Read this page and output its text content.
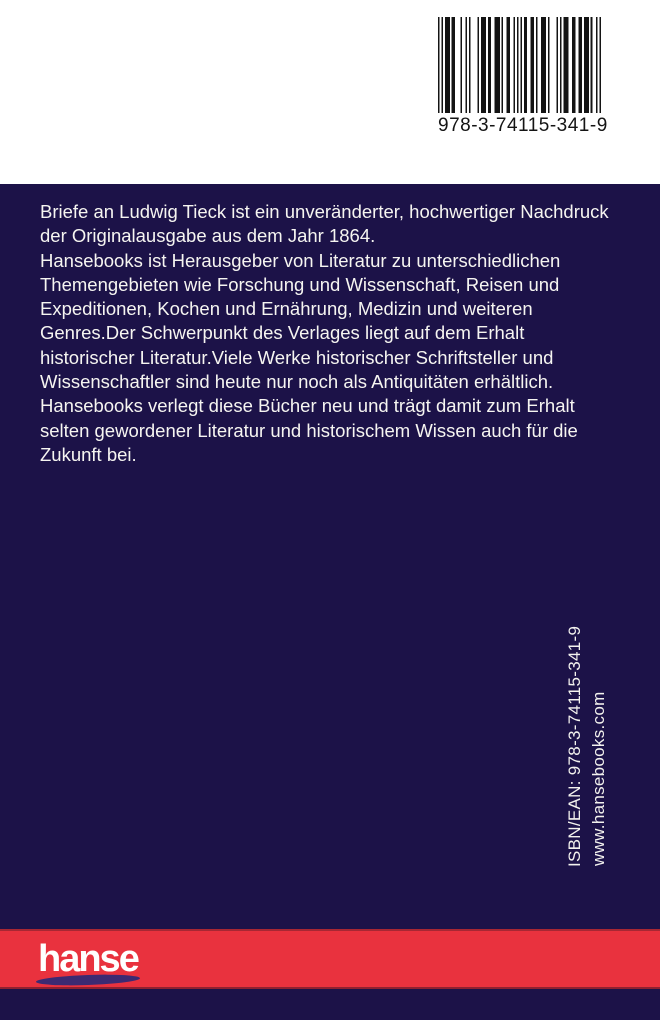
978-3-74115-341-9
Briefe an Ludwig Tieck ist ein unveränderter, hochwertiger Nachdruck
der Originalausgabe aus dem Jahr 1864.
Hansebooks ist Herausgeber von Literatur zu unterschiedlichen
Themengebieten wie Forschung und Wissenschaft, Reisen und
Expeditionen, Kochen und Ernährung, Medizin und weiteren
Genres.Der Schwerpunkt des Verlages liegt auf dem Erhalt
historischer Literatur.Viele Werke historischer Schriftsteller und
Wissenschaftler sind heute nur noch als Antiquitäten erhältlich.
Hansebooks verlegt diese Bücher neu und trägt damit zum Erhalt
selten gewordener Literatur und historischem Wissen auch für die
Zukunft bei.
ISBN/EAN: 978-3-74115-341-9 www.hansebooks.com
hanse
